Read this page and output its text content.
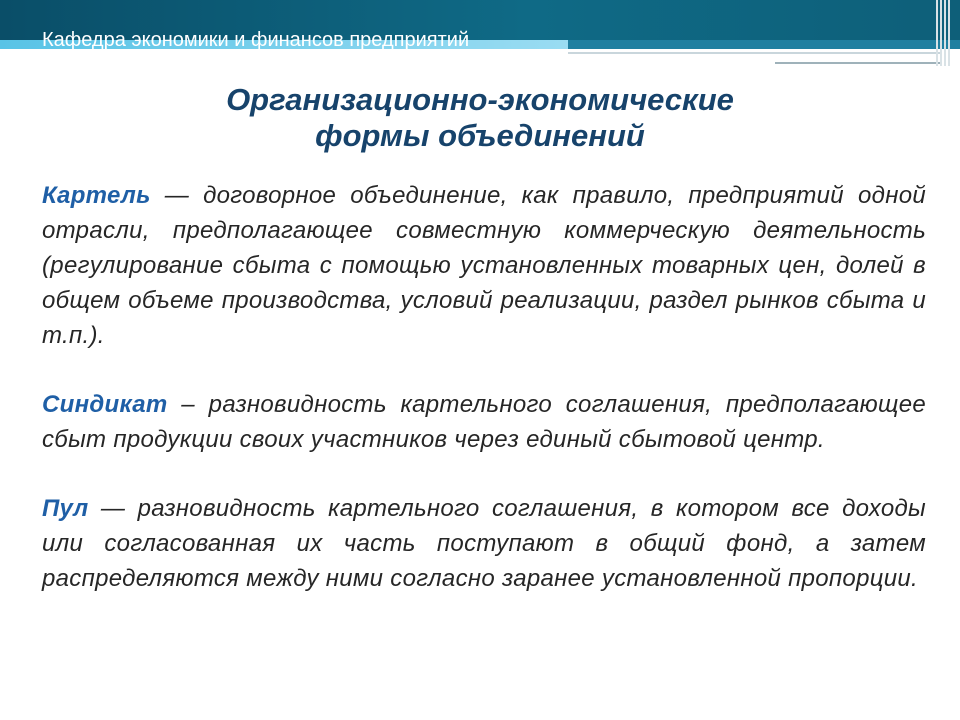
Кафедра экономики и финансов предприятий
Организационно-экономические
формы объединений

Картель — договорное объединение, как правило, предприятий одной отрасли, предполагающее совместную коммерческую деятельность (регулирование сбыта с помощью установленных товарных цен, долей в общем объеме производства, условий реализации, раздел рынков сбыта и т.п.).

Синдикат – разновидность картельного соглашения, предполагающее сбыт продукции своих участников через единый сбытовой центр.

Пул — разновидность картельного соглашения, в котором все доходы или согласованная их часть поступают в общий фонд, а затем распределяются между ними согласно заранее установленной пропорции.
